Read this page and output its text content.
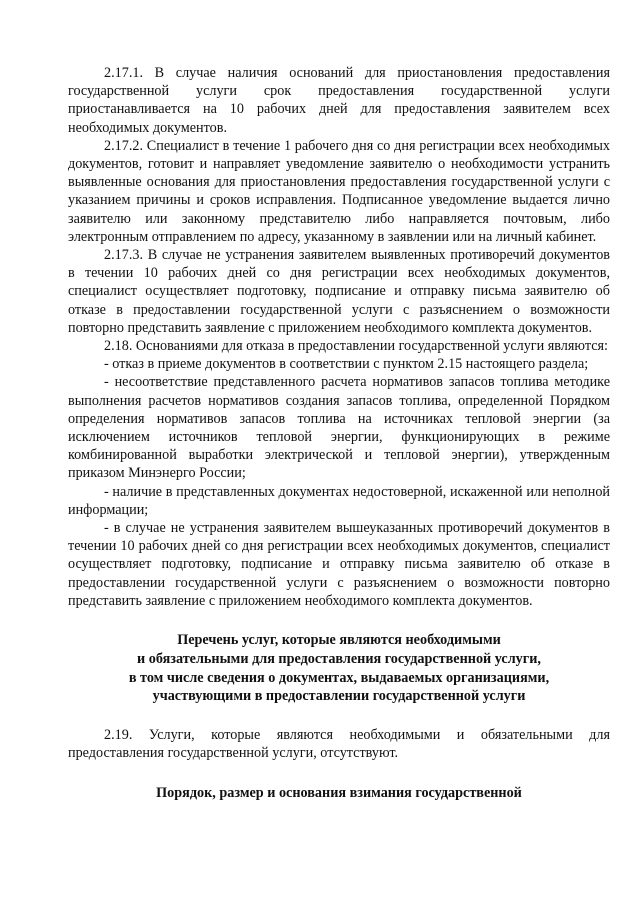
2.17.1. В случае наличия оснований для приостановления предоставления государственной услуги срок предоставления государственной услуги приостанавливается на 10 рабочих дней для предоставления заявителем всех необходимых документов.

2.17.2. Специалист в течение 1 рабочего дня со дня регистрации всех необходимых документов, готовит и направляет уведомление заявителю о необходимости устранить выявленные основания для приостановления предоставления государственной услуги с указанием причины и сроков исправления. Подписанное уведомление выдается лично заявителю или законному представителю либо направляется почтовым, либо электронным отправлением по адресу, указанному в заявлении или на личный кабинет.

2.17.3. В случае не устранения заявителем выявленных противоречий документов в течении 10 рабочих дней со дня регистрации всех необходимых документов, специалист осуществляет подготовку, подписание и отправку письма заявителю об отказе в предоставлении государственной услуги с разъяснением о возможности повторно представить заявление с приложением необходимого комплекта документов.

2.18. Основаниями для отказа в предоставлении государственной услуги являются:

- отказ в приеме документов в соответствии с пунктом 2.15 настоящего раздела;

- несоответствие представленного расчета нормативов запасов топлива методике выполнения расчетов нормативов создания запасов топлива, определенной Порядком определения нормативов запасов топлива на источниках тепловой энергии (за исключением источников тепловой энергии, функционирующих в режиме комбинированной выработки электрической и тепловой энергии), утвержденным приказом Минэнерго России;

- наличие в представленных документах недостоверной, искаженной или неполной информации;

- в случае не устранения заявителем вышеуказанных противоречий документов в течении 10 рабочих дней со дня регистрации всех необходимых документов, специалист осуществляет подготовку, подписание и отправку письма заявителю об отказе в предоставлении государственной услуги с разъяснением о возможности повторно представить заявление с приложением необходимого комплекта документов.

Перечень услуг, которые являются необходимыми
и обязательными для предоставления государственной услуги,
в том числе сведения о документах, выдаваемых организациями,
участвующими в предоставлении государственной услуги

2.19. Услуги, которые являются необходимыми и обязательными для предоставления государственной услуги, отсутствуют.

Порядок, размер и основания взимания государственной
